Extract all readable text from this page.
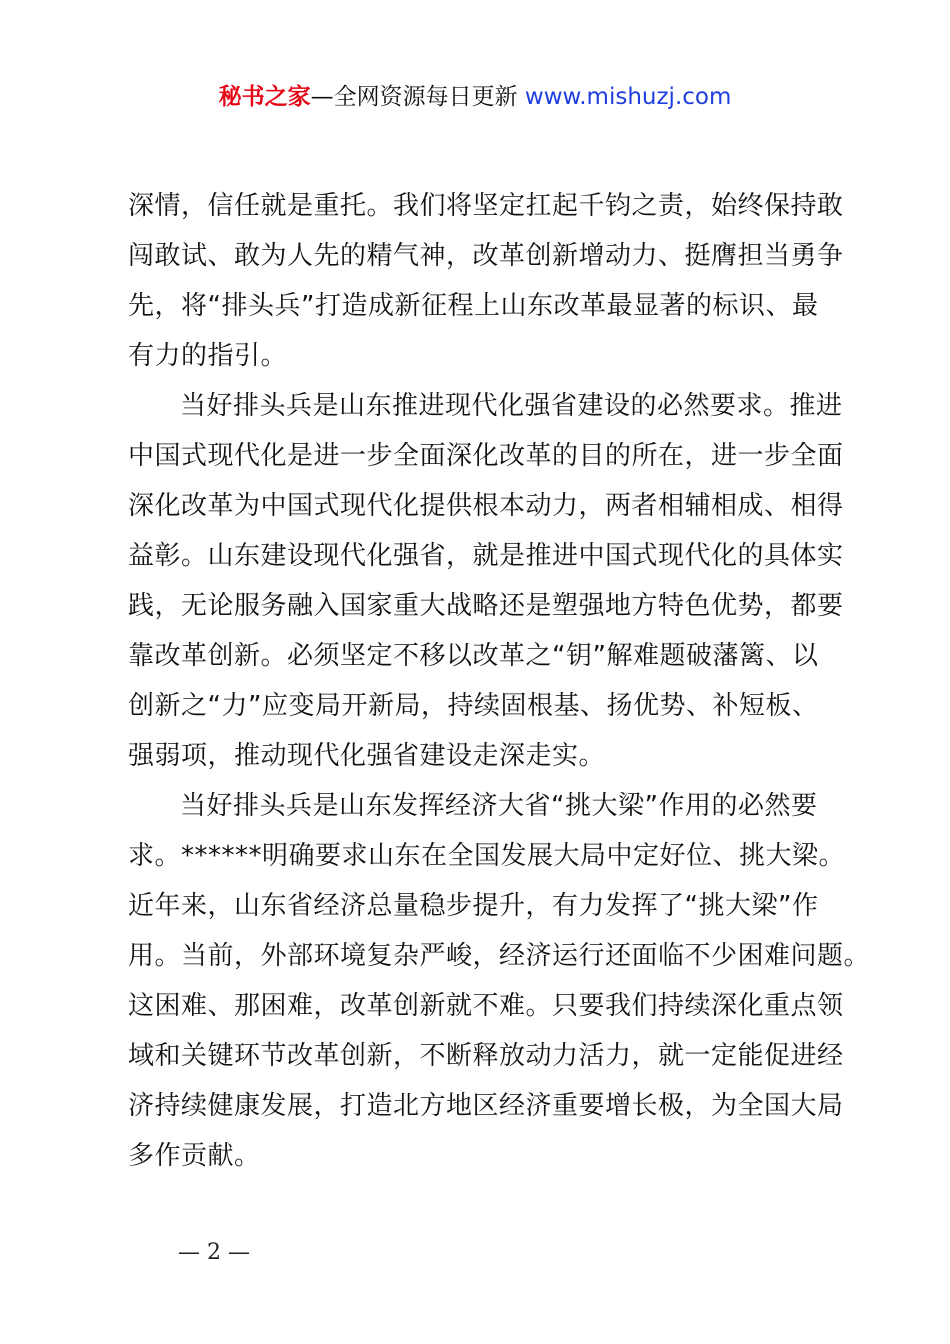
秘书之家—全网资源每日更新 www.mishuzj.com
深情，信任就是重托。我们将坚定扛起千钧之责，始终保持敢
闯敢试、敢为人先的精气神，改革创新增动力、挺膺担当勇争
先，将“排头兵”打造成新征程上山东改革最显著的标识、最
有力的指引。
当好排头兵是山东推进现代化强省建设的必然要求。推进
中国式现代化是进一步全面深化改革的目的所在，进一步全面
深化改革为中国式现代化提供根本动力，两者相辅相成、相得
益彰。山东建设现代化强省，就是推进中国式现代化的具体实
践，无论服务融入国家重大战略还是塑强地方特色优势，都要
靠改革创新。必须坚定不移以改革之“钥”解难题破藩篱、以
创新之“力”应变局开新局，持续固根基、扬优势、补短板、
强弱项，推动现代化强省建设走深走实。
当好排头兵是山东发挥经济大省“挑大梁”作用的必然要
求。******明确要求山东在全国发展大局中定好位、挑大梁。
近年来，山东省经济总量稳步提升，有力发挥了“挑大梁”作
用。当前，外部环境复杂严峻，经济运行还面临不少困难问题。
这困难、那困难，改革创新就不难。只要我们持续深化重点领
域和关键环节改革创新，不断释放动力活力，就一定能促进经
济持续健康发展，打造北方地区经济重要增长极，为全国大局
多作贡献。
— 2 —
